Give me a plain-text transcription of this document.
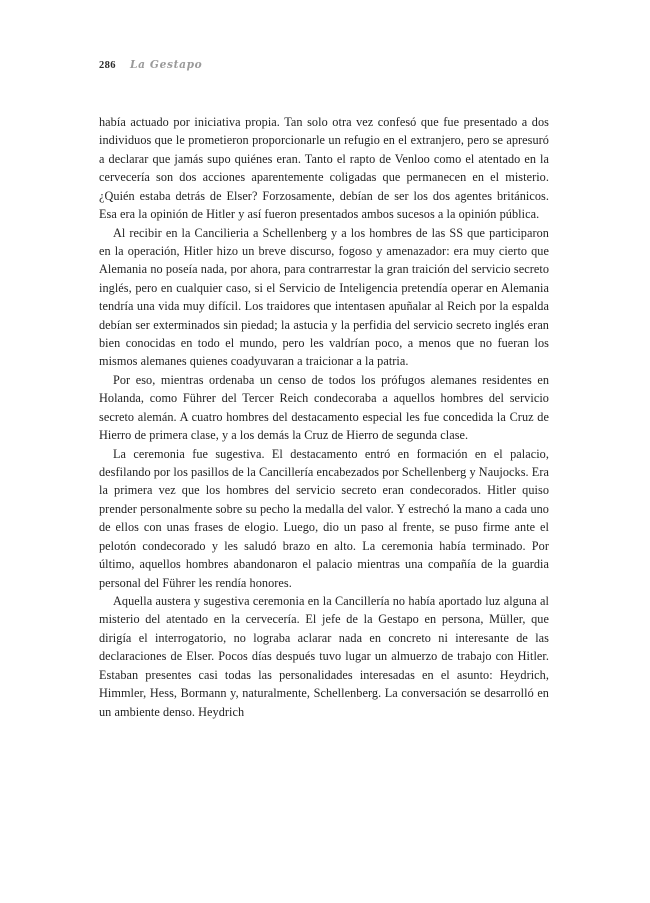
286 La Gestapo

había actuado por iniciativa propia. Tan solo otra vez confesó que fue presentado a dos individuos que le prometieron proporcionarle un refugio en el extranjero, pero se apresuró a declarar que jamás supo quiénes eran. Tanto el rapto de Venloo como el atentado en la cervecería son dos acciones aparentemente coligadas que permanecen en el misterio. ¿Quién estaba detrás de Elser? Forzosamente, debían de ser los dos agentes británicos. Esa era la opinión de Hitler y así fueron presentados ambos sucesos a la opinión pública.

Al recibir en la Cancilieria a Schellenberg y a los hombres de las SS que participaron en la operación, Hitler hizo un breve discurso, fogoso y amenazador: era muy cierto que Alemania no poseía nada, por ahora, para contrarrestar la gran traición del servicio secreto inglés, pero en cualquier caso, si el Servicio de Inteligencia pretendía operar en Alemania tendría una vida muy difícil. Los traidores que intentasen apuñalar al Reich por la espalda debían ser exterminados sin piedad; la astucia y la perfidia del servicio secreto inglés eran bien conocidas en todo el mundo, pero les valdrían poco, a menos que no fueran los mismos alemanes quienes coadyuvaran a traicionar a la patria.

Por eso, mientras ordenaba un censo de todos los prófugos alemanes residentes en Holanda, como Führer del Tercer Reich condecoraba a aquellos hombres del servicio secreto alemán. A cuatro hombres del destacamento especial les fue concedida la Cruz de Hierro de primera clase, y a los demás la Cruz de Hierro de segunda clase.

La ceremonia fue sugestiva. El destacamento entró en formación en el palacio, desfilando por los pasillos de la Cancillería encabezados por Schellenberg y Naujocks. Era la primera vez que los hombres del servicio secreto eran condecorados. Hitler quiso prender personalmente sobre su pecho la medalla del valor. Y estrechó la mano a cada uno de ellos con unas frases de elogio. Luego, dio un paso al frente, se puso firme ante el pelotón condecorado y les saludó brazo en alto. La ceremonia había terminado. Por último, aquellos hombres abandonaron el palacio mientras una compañía de la guardia personal del Führer les rendía honores.

Aquella austera y sugestiva ceremonia en la Cancillería no había aportado luz alguna al misterio del atentado en la cervecería. El jefe de la Gestapo en persona, Müller, que dirigía el interrogatorio, no lograba aclarar nada en concreto ni interesante de las declaraciones de Elser. Pocos días después tuvo lugar un almuerzo de trabajo con Hitler. Estaban presentes casi todas las personalidades interesadas en el asunto: Heydrich, Himmler, Hess, Bormann y, naturalmente, Schellenberg. La conversación se desarrolló en un ambiente denso. Heydrich
